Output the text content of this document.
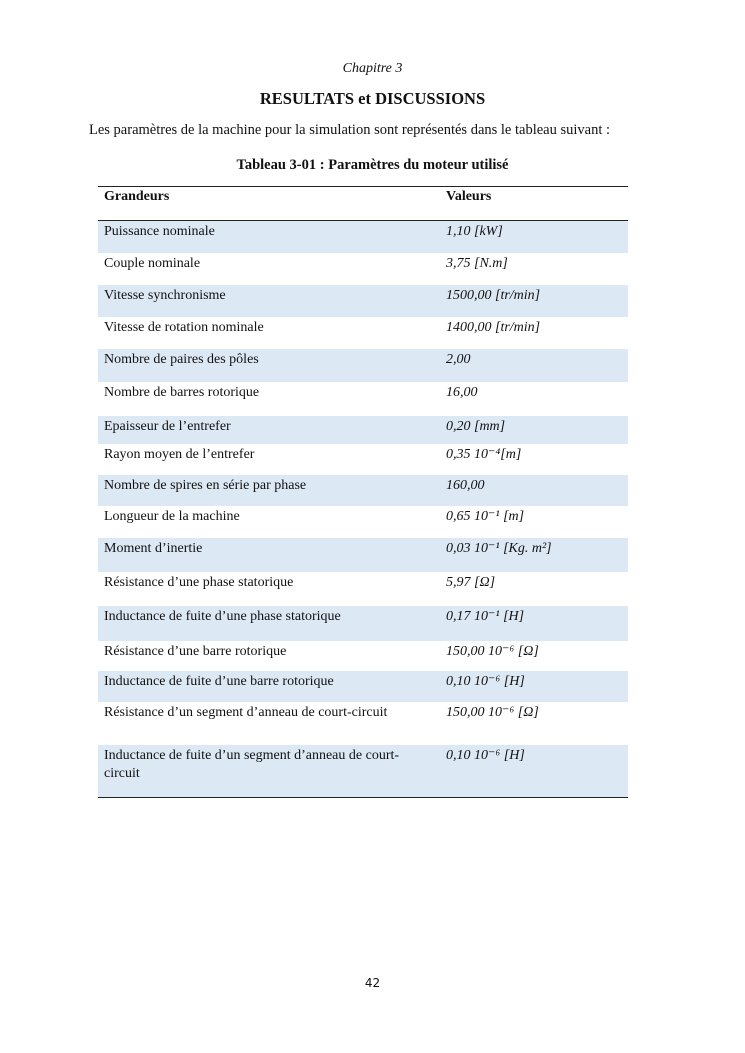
Chapitre 3
RESULTATS et DISCUSSIONS
Les paramètres de la machine pour la simulation sont représentés dans le tableau suivant :
Tableau 3-01 : Paramètres du moteur utilisé
Grandeurs	Valeurs
Puissance nominale	1,10 [kW]
Couple nominale	3,75 [N.m]
Vitesse synchronisme	1500,00 [tr/min]
Vitesse de rotation nominale	1400,00 [tr/min]
Nombre de paires des pôles	2,00
Nombre de barres rotorique	16,00
Epaisseur de l’entrefer	0,20 [mm]
Rayon moyen de l’entrefer	0,35 10⁻⁴[m]
Nombre de spires en série par phase	160,00
Longueur de la machine	0,65 10⁻¹ [m]
Moment d’inertie	0,03 10⁻¹ [Kg. m²]
Résistance d’une phase statorique	5,97 [Ω]
Inductance de fuite d’une phase statorique	0,17 10⁻¹ [H]
Résistance d’une barre rotorique	150,00 10⁻⁶ [Ω]
Inductance de fuite d’une barre rotorique	0,10 10⁻⁶ [H]
Résistance d’un segment d’anneau de court-circuit	150,00 10⁻⁶ [Ω]
Inductance de fuite d’un segment d’anneau de court-circuit	0,10 10⁻⁶ [H]
42
